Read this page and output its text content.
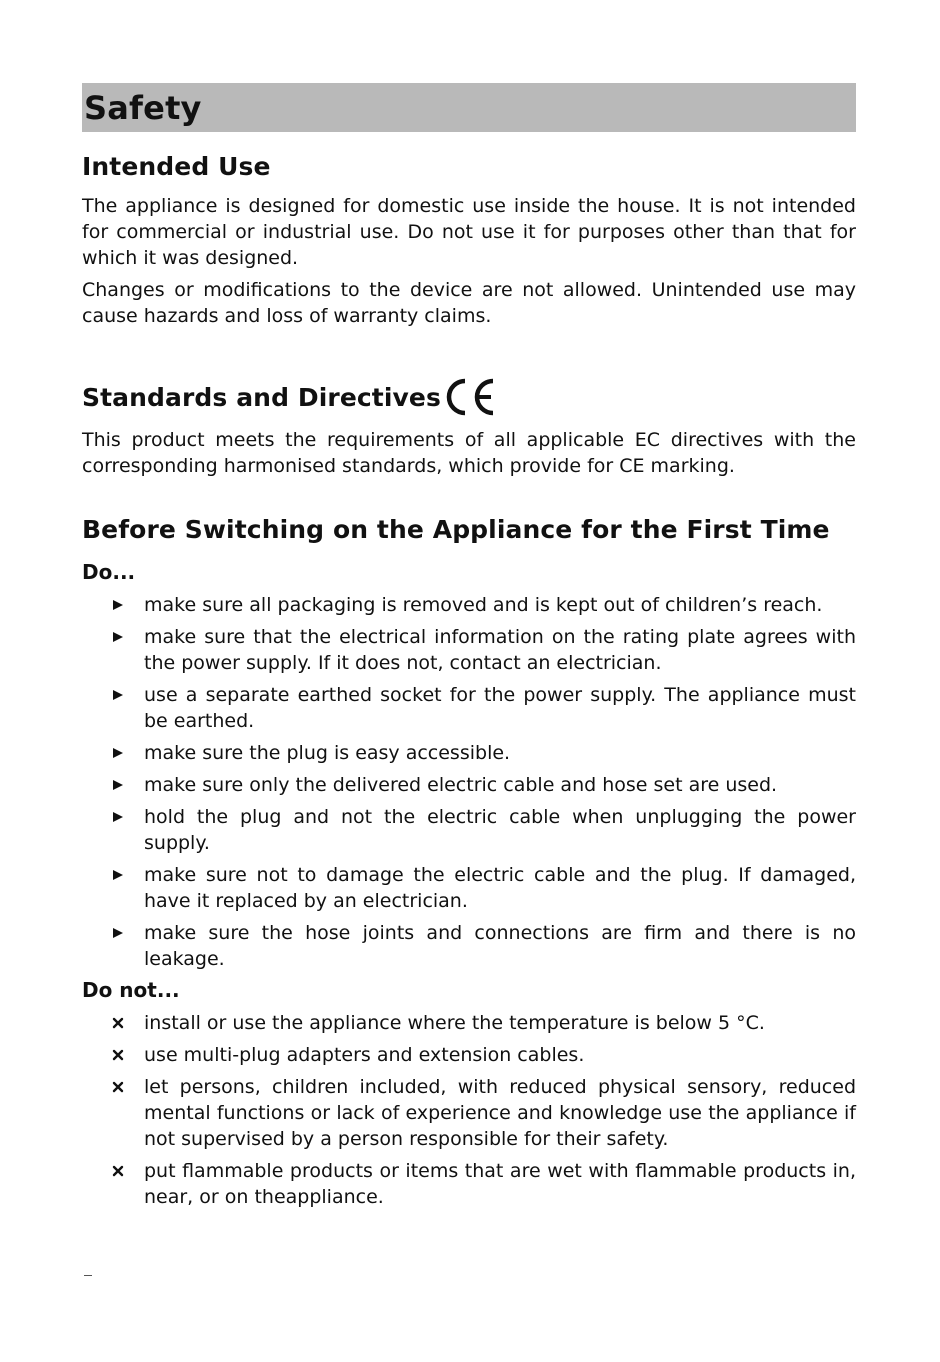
Safety
Intended Use

The appliance is designed for domestic use inside the house. It is not intended for commercial or industrial use. Do not use it for purposes other than that for which it was designed.

Changes or modifications to the device are not allowed. Unintended use may cause hazards and loss of warranty claims.

Standards and Directives

This product meets the requirements of all applicable EC directives with the corresponding harmonised standards, which provide for CE marking.

Before Switching on the Appliance for the First Time
Do...
make sure all packaging is removed and is kept out of children’s reach.
make sure that the electrical information on the rating plate agrees with the power supply. If it does not, contact an electrician.
use a separate earthed socket for the power supply. The appliance must be earthed.
make sure the plug is easy accessible.
make sure only the delivered electric cable and hose set are used.
hold the plug and not the electric cable when unplugging the power supply.
make sure not to damage the electric cable and the plug. If damaged, have it replaced by an electrician.
make sure the hose joints and connections are firm and there is no leakage.
Do not...
install or use the appliance where the temperature is below 5 °C.
use multi-plug adapters and extension cables.
let persons, children included, with reduced physical sensory, reduced mental functions or lack of experience and knowledge use the appliance if not supervised by a person responsible for their safety.
put flammable products or items that are wet with flammable products in, near, or on theappliance.
